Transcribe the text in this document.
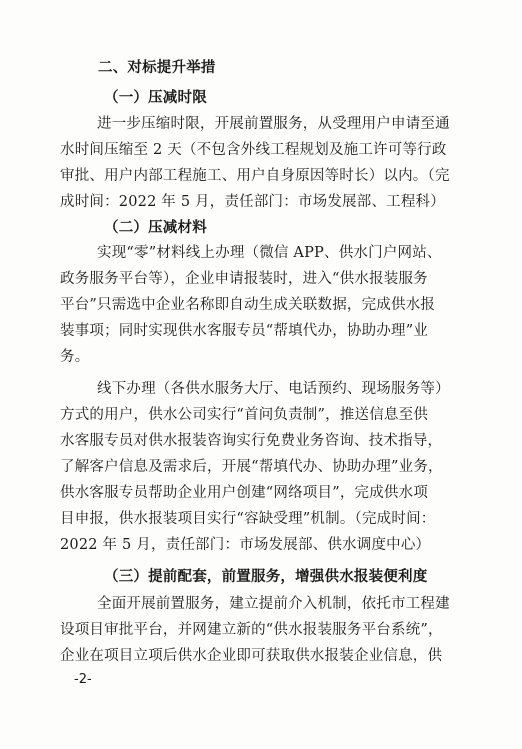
二、对标提升举措
（一）压减时限
进一步压缩时限，开展前置服务，从受理用户申请至通
水时间压缩至 2 天（不包含外线工程规划及施工许可等行政
审批、用户内部工程施工、用户自身原因等时长）以内。（完
成时间：2022 年 5 月，责任部门：市场发展部、工程科）
（二）压减材料
实现“零”材料线上办理（微信 APP、供水门户网站、
政务服务平台等），企业申请报装时，进入“供水报装服务
平台”只需选中企业名称即自动生成关联数据，完成供水报
装事项；同时实现供水客服专员“帮填代办，协助办理”业
务。
线下办理（各供水服务大厅、电话预约、现场服务等）
方式的用户，供水公司实行“首问负责制”，推送信息至供
水客服专员对供水报装咨询实行免费业务咨询、技术指导，
了解客户信息及需求后，开展“帮填代办、协助办理”业务，
供水客服专员帮助企业用户创建“网络项目”，完成供水项
目申报，供水报装项目实行“容缺受理”机制。（完成时间：
2022 年 5 月，责任部门：市场发展部、供水调度中心）
（三）提前配套，前置服务，增强供水报装便利度
全面开展前置服务，建立提前介入机制，依托市工程建
设项目审批平台，并网建立新的“供水报装服务平台系统”，
企业在项目立项后供水企业即可获取供水报装企业信息，供
-2-
